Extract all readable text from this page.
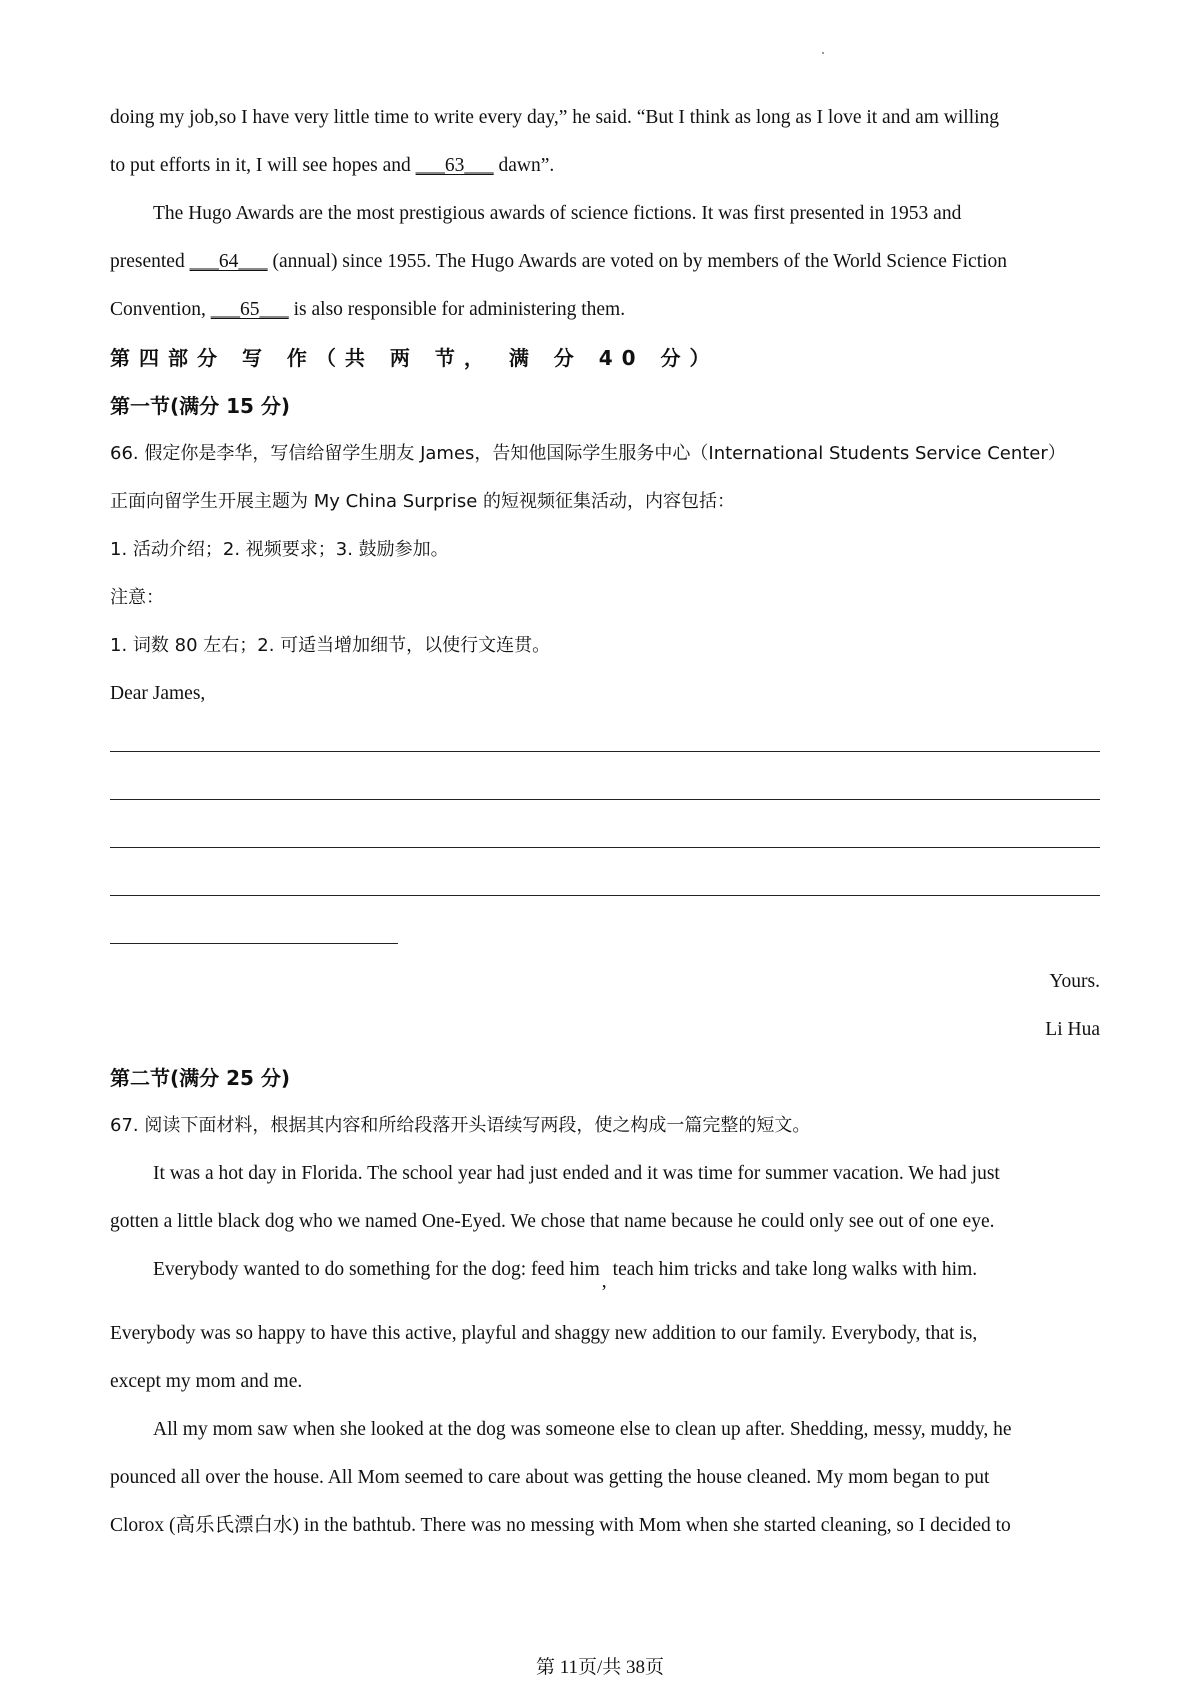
doing my job,so I have very little time to write every day,” he said. “But I think as long as I love it and am willing
to put efforts in it, I will see hopes and ___63___ dawn”.
The Hugo Awards are the most prestigious awards of science fictions. It was first presented in 1953 and
presented ___64___ (annual) since 1955. The Hugo Awards are voted on by members of the World Science Fiction
Convention, ___65___ is also responsible for administering them.
第四部分 写 作（共 两 节， 满 分 40 分）
第一节(满分 15 分)
66. 假定你是李华，写信给留学生朋友 James，告知他国际学生服务中心（International Students Service Center）
正面向留学生开展主题为 My China Surprise 的短视频征集活动，内容包括：
1. 活动介绍；2. 视频要求；3. 鼓励参加。
注意：
1. 词数 80 左右；2. 可适当增加细节，以使行文连贯。
Dear James,
Yours.
Li Hua
第二节(满分 25 分)
67. 阅读下面材料，根据其内容和所给段落开头语续写两段，使之构成一篇完整的短文。
It was a hot day in Florida. The school year had just ended and it was time for summer vacation. We had just
gotten a little black dog who we named One-Eyed. We chose that name because he could only see out of one eye.
Everybody wanted to do something for the dog: feed him,teach him tricks and take long walks with him.
Everybody was so happy to have this active, playful and shaggy new addition to our family. Everybody, that is,
except my mom and me.
All my mom saw when she looked at the dog was someone else to clean up after. Shedding, messy, muddy, he
pounced all over the house. All Mom seemed to care about was getting the house cleaned. My mom began to put
Clorox (高乐氏漂白水) in the bathtub. There was no messing with Mom when she started cleaning, so I decided to
第 11页/共 38页
